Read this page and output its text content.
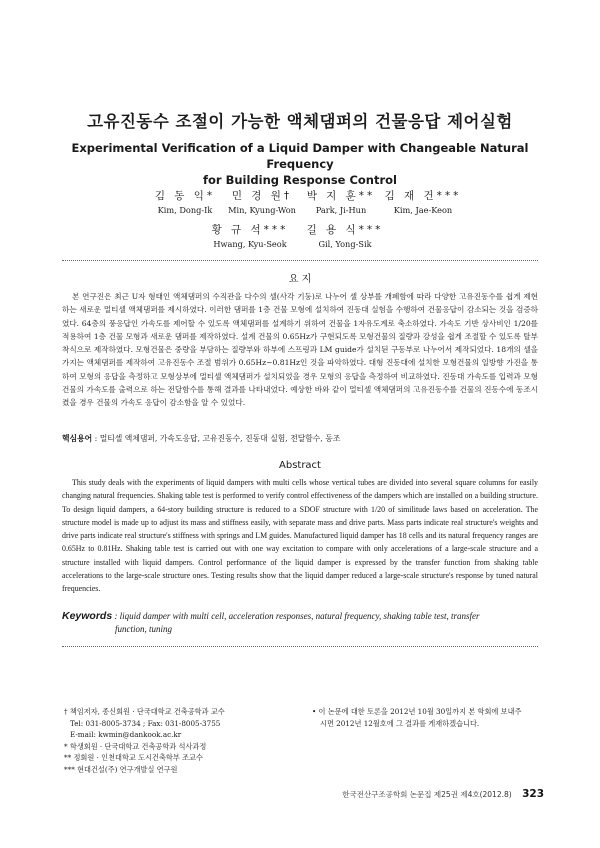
고유진동수 조절이 가능한 액체댐퍼의 건물응답 제어실험
Experimental Verification of a Liquid Damper with Changeable Natural Frequency
for Building Response Control
김 동 익*
Kim, Dong-Ik
민 경 원†
Min, Kyung-Won
박 지 훈**
Park, Ji-Hun
김 재 건***
Kim, Jae-Keon
황 규 석***
Hwang, Kyu-Seok
길 용 식***
Gil, Yong-Sik
요 지
본 연구진은 최근 U자 형태인 액체댐퍼의 수직관을 다수의 셀(사각 기둥)로 나누어 셀 상부를 개폐함에 따라 다양한 고유진동수를 쉽게 제현하는 새로운 멀티셀 액체댐퍼를 제시하였다. 이러한 댐퍼를 1층 건물 모형에 설치하여 진동대 실험을 수행하여 건물응답이 감소되는 것을 검증하였다. 64층의 풍응답인 가속도를 제어할 수 있도록 액체댐퍼를 설계하기 위하여 건물을 1자유도계로 축소하였다. 가속도 기반 상사비인 1/20를 적용하여 1층 건물 모형과 새로운 댐퍼를 제작하였다. 설계 건물의 0.65Hz가 구현되도록 모형건물의 질량과 강성을 쉽게 조절할 수 있도록 탈부착식으로 제작하였다. 모형건물은 중량을 부담하는 질량부와 하부에 스프링과 LM guide가 설치된 구동부로 나누어서 제작되었다. 18개의 셀을 가지는 액체댐퍼를 제작하여 고유진동수 조절 범위가 0.65Hz~0.81Hz인 것을 파악하였다. 대형 진동대에 설치한 모형건물의 일방향 가진을 통하여 모형의 응답을 측정하고 모형상부에 멀티셀 액체댐퍼가 설치되었을 경우 모형의 응답을 측정하여 비교하였다. 진동대 가속도를 입력과 모형건물의 가속도를 출력으로 하는 전달함수를 통해 결과를 나타내었다. 예상한 바와 같이 멀티셀 액체댐퍼의 고유진동수를 건물의 진동수에 동조시켰을 경우 건물의 가속도 응답이 감소함을 알 수 있었다.
핵심용어 : 멀티셀 액체댐퍼, 가속도응답, 고유진동수, 진동대 실험, 전달함수, 동조
Abstract
This study deals with the experiments of liquid dampers with multi cells whose vertical tubes are divided into several square columns for easily changing natural frequencies. Shaking table test is performed to verify control effectiveness of the dampers which are installed on a building structure. To design liquid dampers, a 64-story building structure is reduced to a SDOF structure with 1/20 of similitude laws based on acceleration. The structure model is made up to adjust its mass and stiffness easily, with separate mass and drive parts. Mass parts indicate real structure's weights and drive parts indicate real structure's stiffness with springs and LM guides. Manufactured liquid damper has 18 cells and its natural frequency ranges are 0.65Hz to 0.81Hz. Shaking table test is carried out with one way excitation to compare with only accelerations of a large-scale structure and a structure installed with liquid dampers. Control performance of the liquid damper is expressed by the transfer function from shaking table accelerations to the large-scale structure ones. Testing results show that the liquid damper reduced a large-scale structure's response by tuned natural frequencies.
Keywords : liquid damper with multi cell, acceleration responses, natural frequency, shaking table test, transfer
function, tuning
† 책임저자, 종신회원 · 단국대학교 건축공학과 교수
Tel: 031-8005-3734 ; Fax: 031-8005-3755
E-mail: kwmin@dankook.ac.kr
* 학생회원 · 단국대학교 건축공학과 석사과정
** 정회원 · 인천대학교 도시건축학부 조교수
*** 현대건설(주) 연구개발실 연구원
• 이 논문에 대한 토론을 2012년 10월 30일까지 본 학회에 보내주
시면 2012년 12월호에 그 결과를 게재하겠습니다.
한국전산구조공학회 논문집 제25권 제4호(2012.8) 323
